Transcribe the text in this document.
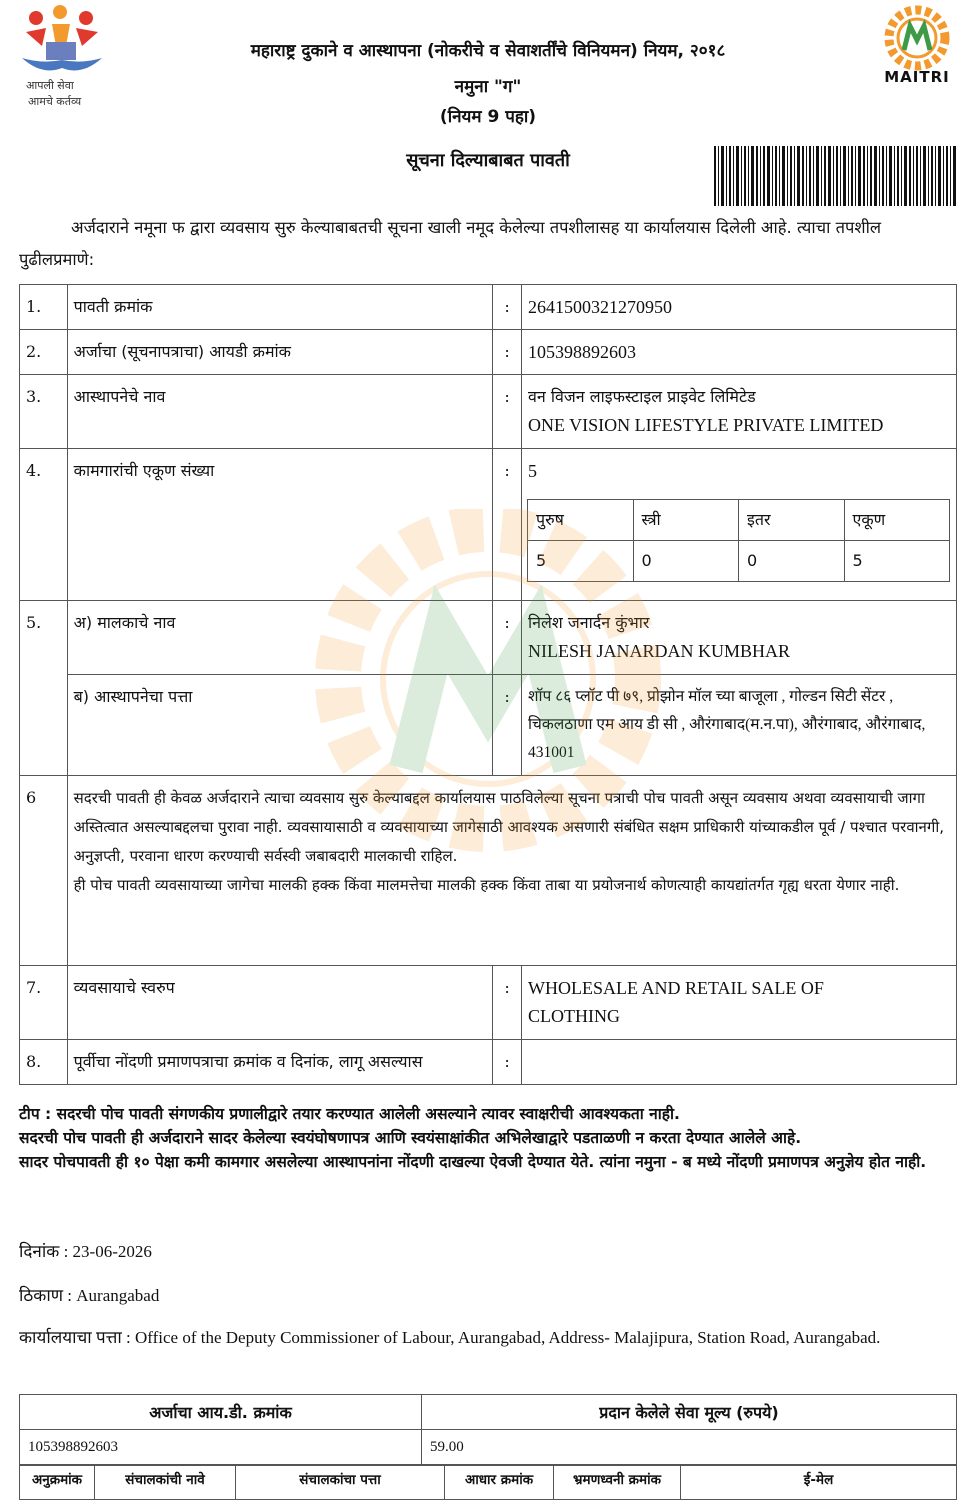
आपली सेवा
आमचे कर्तव्य
MAITRI
महाराष्ट्र दुकाने व आस्थापना (नोकरीचे व सेवाशर्तींचे विनियमन) नियम, २०१८
नमुना "ग"
(नियम 9 पहा)
सूचना दिल्याबाबत पावती
अर्जदाराने नमूना फ द्वारा व्यवसाय सुरु केल्याबाबतची सूचना खाली नमूद केलेल्या तपशीलासह या कार्यालयास दिलेली आहे. त्याचा तपशील पुढीलप्रमाणे:
1.	पावती क्रमांक	:	2641500321270950
2.	अर्जाचा (सूचनापत्राचा) आयडी क्रमांक	:	105398892603
3.	आस्थापनेचे नाव	:	वन विजन लाइफस्टाइल प्राइवेट लिमिटेड
ONE VISION LIFESTYLE PRIVATE LIMITED

4.	कामगारांची एकूण संख्या	:	5
पुरुष	स्त्री	इतर	एकूण
5	0	0	5

5.	अ) मालकाचे नाव	:	निलेश जनार्दन कुंभार
NILESH JANARDAN KUMBHAR

ब) आस्थापनेचा पत्ता	:	शॉप ८६ प्लॉट पी ७९, प्रोझोन मॉल च्या बाजूला , गोल्डन सिटी सेंटर , चिकलठाणा एम आय डी सी , औरंगाबाद(म.न.पा), औरंगाबाद, औरंगाबाद, 431001
6	सदरची पावती ही केवळ अर्जदाराने त्याचा व्यवसाय सुरु केल्याबद्दल कार्यालयास पाठविलेल्या सूचना पत्राची पोच पावती असून व्यवसाय अथवा व्यवसायाची जागा अस्तित्वात असल्याबद्दलचा पुरावा नाही. व्यवसायासाठी व व्यवसायाच्या जागेसाठी आवश्यक असणारी संबंधित सक्षम प्राधिकारी यांच्याकडील पूर्व / पश्चात परवानगी, अनुज्ञप्ती, परवाना धारण करण्याची सर्वस्वी जबाबदारी मालकाची राहिल.
ही पोच पावती व्यवसायाच्या जागेचा मालकी हक्क किंवा मालमत्तेचा मालकी हक्क किंवा ताबा या प्रयोजनार्थ कोणत्याही कायद्यांतर्गत गृह्य धरता येणार नाही.

7.	व्यवसायाचे स्वरुप	:	WHOLESALE AND RETAIL SALE OF CLOTHING
8.	पूर्वीचा नोंदणी प्रमाणपत्राचा क्रमांक व दिनांक, लागू असल्यास	:	
टीप : सदरची पोच पावती संगणकीय प्रणालीद्वारे तयार करण्यात आलेली असल्याने त्यावर स्वाक्षरीची आवश्यकता नाही.
सदरची पोच पावती ही अर्जदाराने सादर केलेल्या स्वयंघोषणापत्र आणि स्वयंसाक्षांकीत अभिलेखाद्वारे पडताळणी न करता देण्यात आलेले आहे.
सादर पोचपावती ही १० पेक्षा कमी कामगार असलेल्या आस्थापनांना नोंदणी दाखल्या ऐवजी देण्यात येते. त्यांना नमुना - ब मध्ये नोंदणी प्रमाणपत्र अनुज्ञेय होत नाही.
दिनांक : 23-06-2026
ठिकाण : Aurangabad
कार्यालयाचा पत्ता : Office of the Deputy Commissioner of Labour, Aurangabad, Address- Malajipura, Station Road, Aurangabad.
अर्जाचा आय.डी. क्रमांक	प्रदान केलेले सेवा मूल्य (रुपये)
105398892603	59.00
अनुक्रमांक	संचालकांची नावे	संचालकांचा पत्ता	आधार क्रमांक	भ्रमणध्वनी क्रमांक	ई-मेल
